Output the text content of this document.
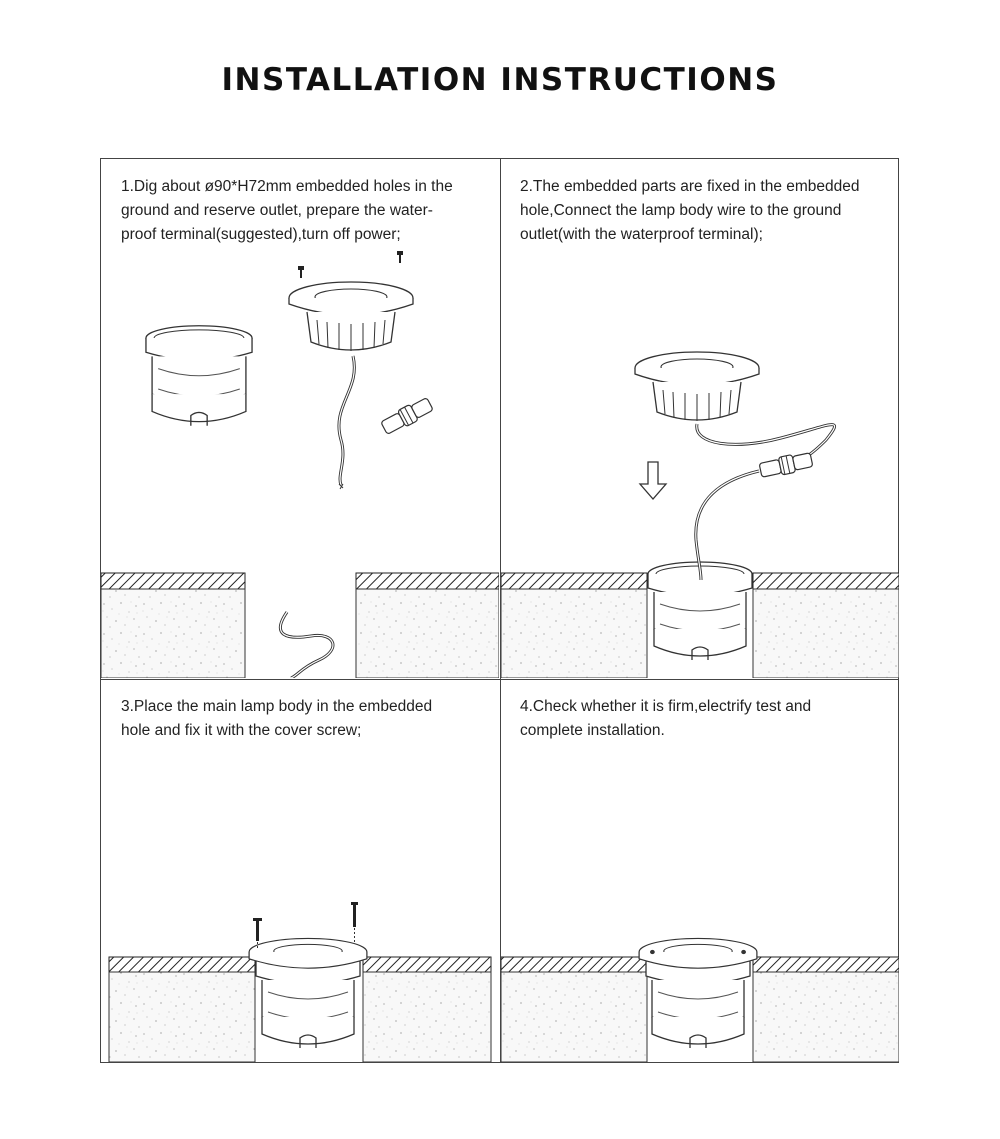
INSTALLATION INSTRUCTIONS

1.Dig about ø90*H72mm embedded holes in the
ground and reserve outlet, prepare the water-
proof terminal(suggested),turn off power;

2.The embedded parts are fixed in the embedded
hole,Connect the lamp body wire to the ground
outlet(with the waterproof terminal);

3.Place the main lamp body in the embedded
hole and fix it with the cover screw;

4.Check whether it is firm,electrify test and
complete installation.
